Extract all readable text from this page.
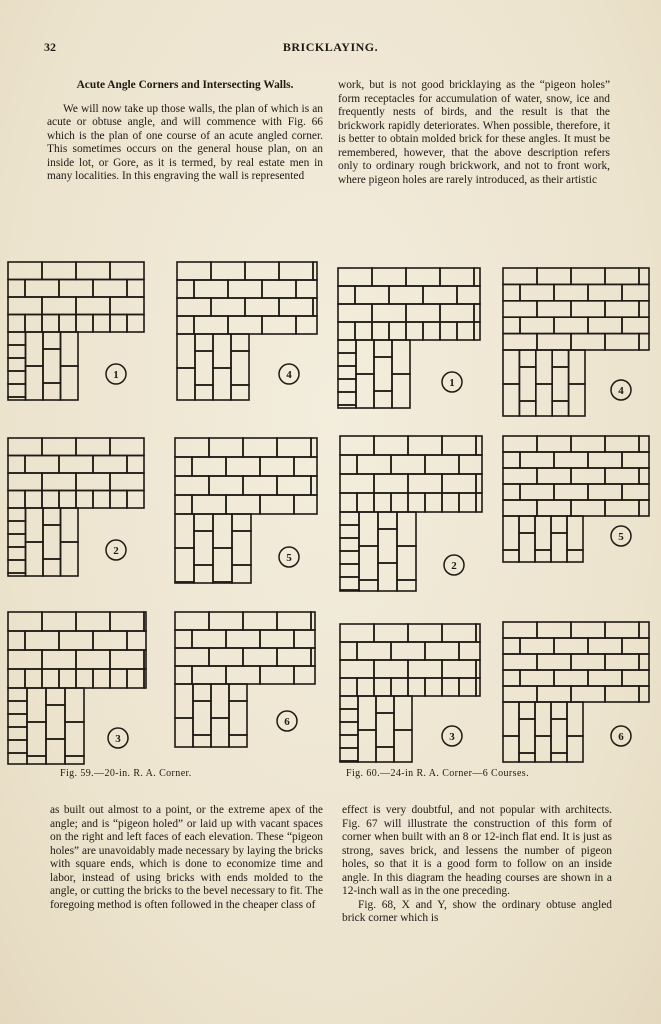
32	BRICKLAYING.
Acute Angle Corners and Intersecting Walls.

We will now take up those walls, the plan of which is an acute or obtuse angle, and will commence with Fig. 66 which is the plan of one course of an acute angled corner. This sometimes occurs on the general house plan, on an inside lot, or Gore, as it is termed, by real estate men in many localities. In this engraving the wall is represented

work, but is not good bricklaying as the “pigeon holes” form receptacles for accumulation of water, snow, ice and frequently nests of birds, and the result is that the brickwork rapidly deteriorates. When possible, therefore, it is better to obtain molded brick for these angles. It must be remembered, however, that the above description refers only to ordinary rough brickwork, and not to front work, where pigeon holes are rarely introduced, as their artistic

1	4
2
5
3
6
1
4
2
5
3	6
Fig. 59.—20-in. R. A. Corner.	Fig. 60.—24-in R. A. Corner—6 Courses.

as built out almost to a point, or the extreme apex of the angle; and is “pigeon holed” or laid up with vacant spaces on the right and left faces of each elevation. These “pigeon holes” are unavoidably made necessary by laying the bricks with square ends, which is done to economize time and labor, instead of using bricks with ends molded to the angle, or cutting the bricks to the bevel necessary to fit. The foregoing method is often followed in the cheaper class of

effect is very doubtful, and not popular with architects. Fig. 67 will illustrate the construction of this form of corner when built with an 8 or 12-inch flat end. It is just as strong, saves brick, and lessens the number of pigeon holes, so that it is a good form to follow on an inside angle. In this diagram the heading courses are shown in a 12-inch wall as in the one preceding.

Fig. 68, X and Y, show the ordinary obtuse angled brick corner which is
